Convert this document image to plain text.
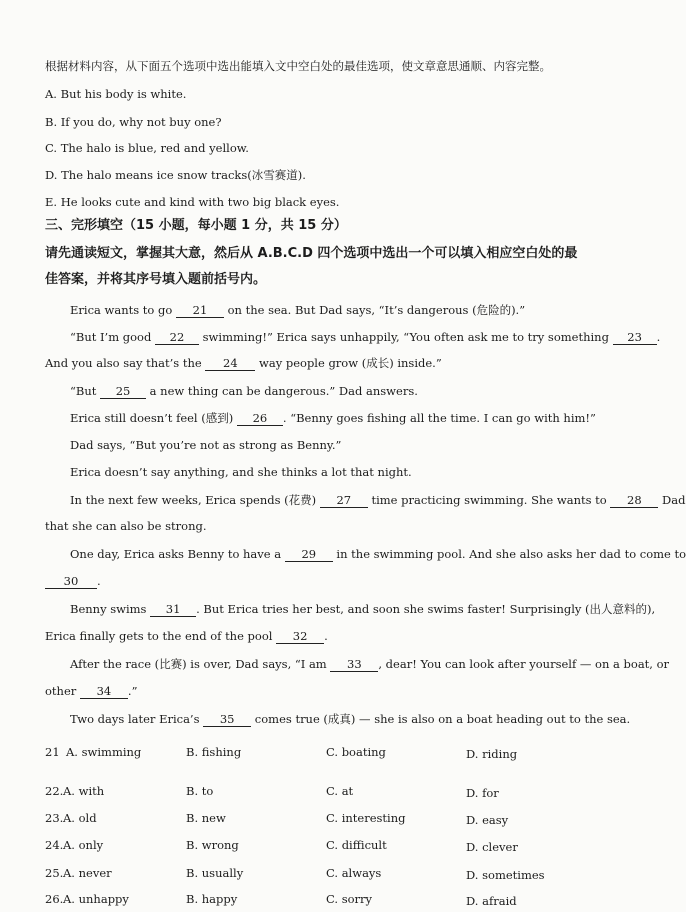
根据材料内容，从下面五个选项中选出能填入文中空白处的最佳选项，使文章意思通顺、内容完整。
A. But his body is white.
B. If you do, why not buy one?
C. The halo is blue, red and yellow.
D. The halo means ice snow tracks(冰雪赛道).
E. He looks cute and kind with two big black eyes.
三、完形填空（15 小题，每小题 1 分，共 15 分）
请先通读短文，掌握其大意，然后从 A.B.C.D 四个选项中选出一个可以填入相应空白处的最
佳答案，并将其序号填入题前括号内。
Erica wants to go 21 on the sea. But Dad says, “It’s dangerous (危险的).”
“But I’m good 22 swimming!” Erica says unhappily, “You often ask me to try something 23 .
And you also say that’s the 24 way people grow (成长) inside.”
“But 25 a new thing can be dangerous.” Dad answers.
Erica still doesn’t feel (感到) 26 . “Benny goes fishing all the time. I can go with him!”
Dad says, “But you’re not as strong as Benny.”
Erica doesn’t say anything, and she thinks a lot that night.
In the next few weeks, Erica spends (花费) 27 time practicing swimming. She wants to 28 Dad
that she can also be strong.
One day, Erica asks Benny to have a 29 in the swimming pool. And she also asks her dad to come to
30 .
Benny swims 31 . But Erica tries her best, and soon she swims faster! Surprisingly (出人意料的),
Erica finally gets to the end of the pool 32 .
After the race (比赛) is over, Dad says, “I am 33 , dear! You can look after yourself — on a boat, or
other 34 .”
Two days later Erica’s 35 comes true (成真) — she is also on a boat heading out to the sea.
21 A. swimming	B. fishing	C. boating	D. riding
22. A. with	B. to	C. at	D. for
23. A. old	B. new	C. interesting	D. easy
24. A. only	B. wrong	C. difficult	D. clever
25. A. never	B. usually	C. always	D. sometimes
26. A. unhappy	B. happy	C. sorry	D. afraid
